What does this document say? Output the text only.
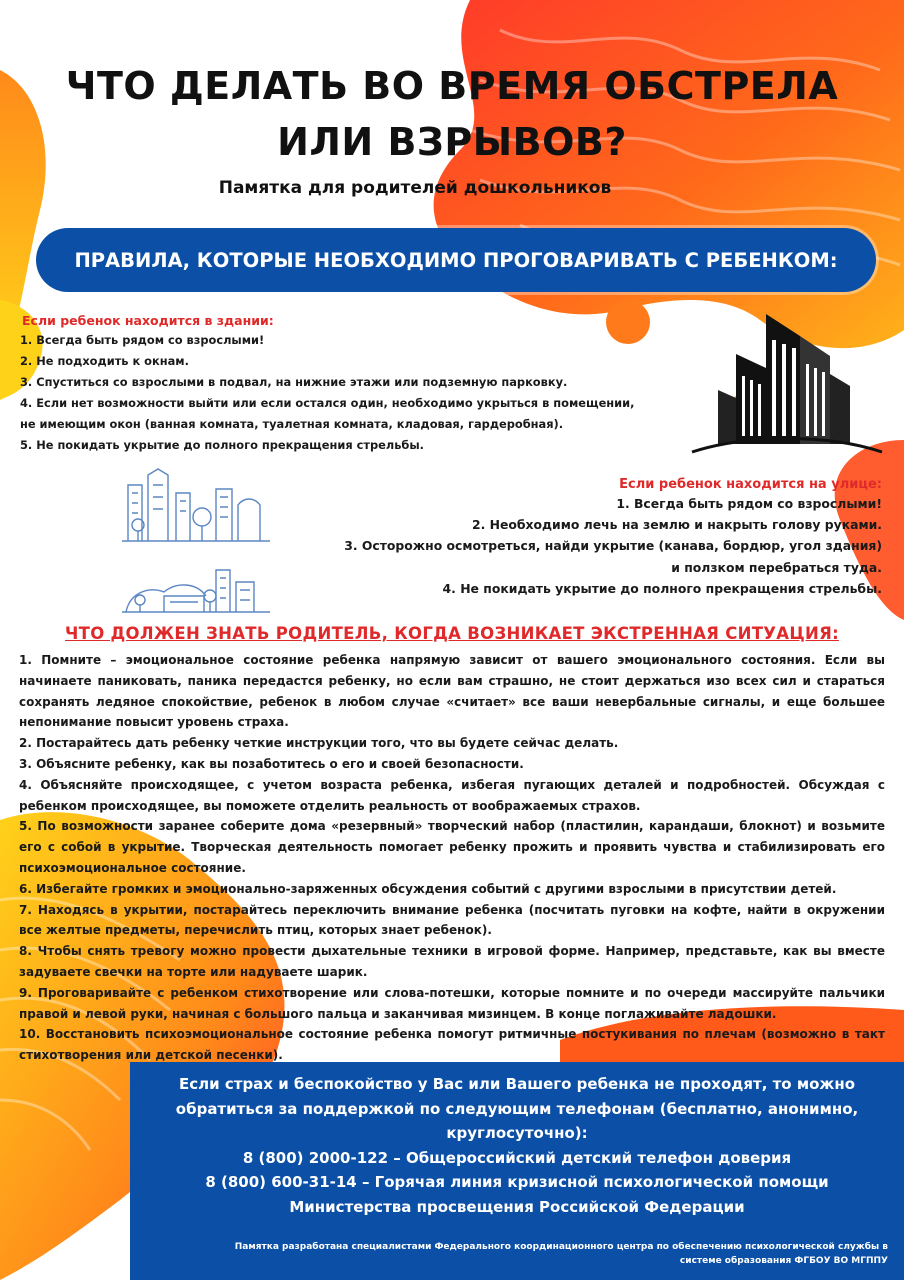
ЧТО ДЕЛАТЬ ВО ВРЕМЯ ОБСТРЕЛА
ИЛИ ВЗРЫВОВ?
Памятка для родителей дошкольников
ПРАВИЛА, КОТОРЫЕ НЕОБХОДИМО ПРОГОВАРИВАТЬ С РЕБЕНКОМ:
Если ребенок находится в здании:
1. Всегда быть рядом со взрослыми!
2. Не подходить к окнам.
3. Спуститься со взрослыми в подвал, на нижние этажи или подземную парковку.
4. Если нет возможности выйти или если остался один, необходимо укрыться в помещении,
не имеющим окон (ванная комната, туалетная комната, кладовая, гардеробная).
5. Не покидать укрытие до полного прекращения стрельбы.
Если ребенок находится на улице:
1. Всегда быть рядом со взрослыми!
2. Необходимо лечь на землю и накрыть голову руками.
3. Осторожно осмотреться, найди укрытие (канава, бордюр, угол здания)
и ползком перебраться туда.
4. Не покидать укрытие до полного прекращения стрельбы.
ЧТО ДОЛЖЕН ЗНАТЬ РОДИТЕЛЬ, КОГДА ВОЗНИКАЕТ ЭКСТРЕННАЯ СИТУАЦИЯ:
1. Помните – эмоциональное состояние ребенка напрямую зависит от вашего эмоционального состояния. Если вы начинаете паниковать, паника передастся ребенку, но если вам страшно, не стоит держаться изо всех сил и стараться сохранять ледяное спокойствие, ребенок в любом случае «считает» все ваши невербальные сигналы, и еще большее непонимание повысит уровень страха.
2. Постарайтесь дать ребенку четкие инструкции того, что вы будете сейчас делать.
3. Объясните ребенку, как вы позаботитесь о его и своей безопасности.
4. Объясняйте происходящее, с учетом возраста ребенка, избегая пугающих деталей и подробностей. Обсуждая с ребенком происходящее, вы поможете отделить реальность от воображаемых страхов.
5. По возможности заранее соберите дома «резервный» творческий набор (пластилин, карандаши, блокнот) и возьмите его с собой в укрытие. Творческая деятельность помогает ребенку прожить и проявить чувства и стабилизировать его психоэмоциональное состояние.
6. Избегайте громких и эмоционально-заряженных обсуждения событий с другими взрослыми в присутствии детей.
7. Находясь в укрытии, постарайтесь переключить внимание ребенка (посчитать пуговки на кофте, найти в окружении все желтые предметы, перечислить птиц, которых знает ребенок).
8. Чтобы снять тревогу можно провести дыхательные техники в игровой форме. Например, представьте, как вы вместе задуваете свечки на торте или надуваете шарик.
9. Проговаривайте с ребенком стихотворение или слова-потешки, которые помните и по очереди массируйте пальчики правой и левой руки, начиная с большого пальца и заканчивая мизинцем. В конце поглаживайте ладошки.
10. Восстановить психоэмоциональное состояние ребенка помогут ритмичные постукивания по плечам (возможно в такт стихотворения или детской песенки).
Если страх и беспокойство у Вас или Вашего ребенка не проходят, то можно
обратиться за поддержкой по следующим телефонам (бесплатно, анонимно,
круглосуточно):
8 (800) 2000-122 – Общероссийский детский телефон доверия
8 (800) 600-31-14 – Горячая линия кризисной психологической помощи
Министерства просвещения Российской Федерации
Памятка разработана специалистами Федерального координационного центра по обеспечению психологической службы в
системе образования ФГБОУ ВО МГППУ
